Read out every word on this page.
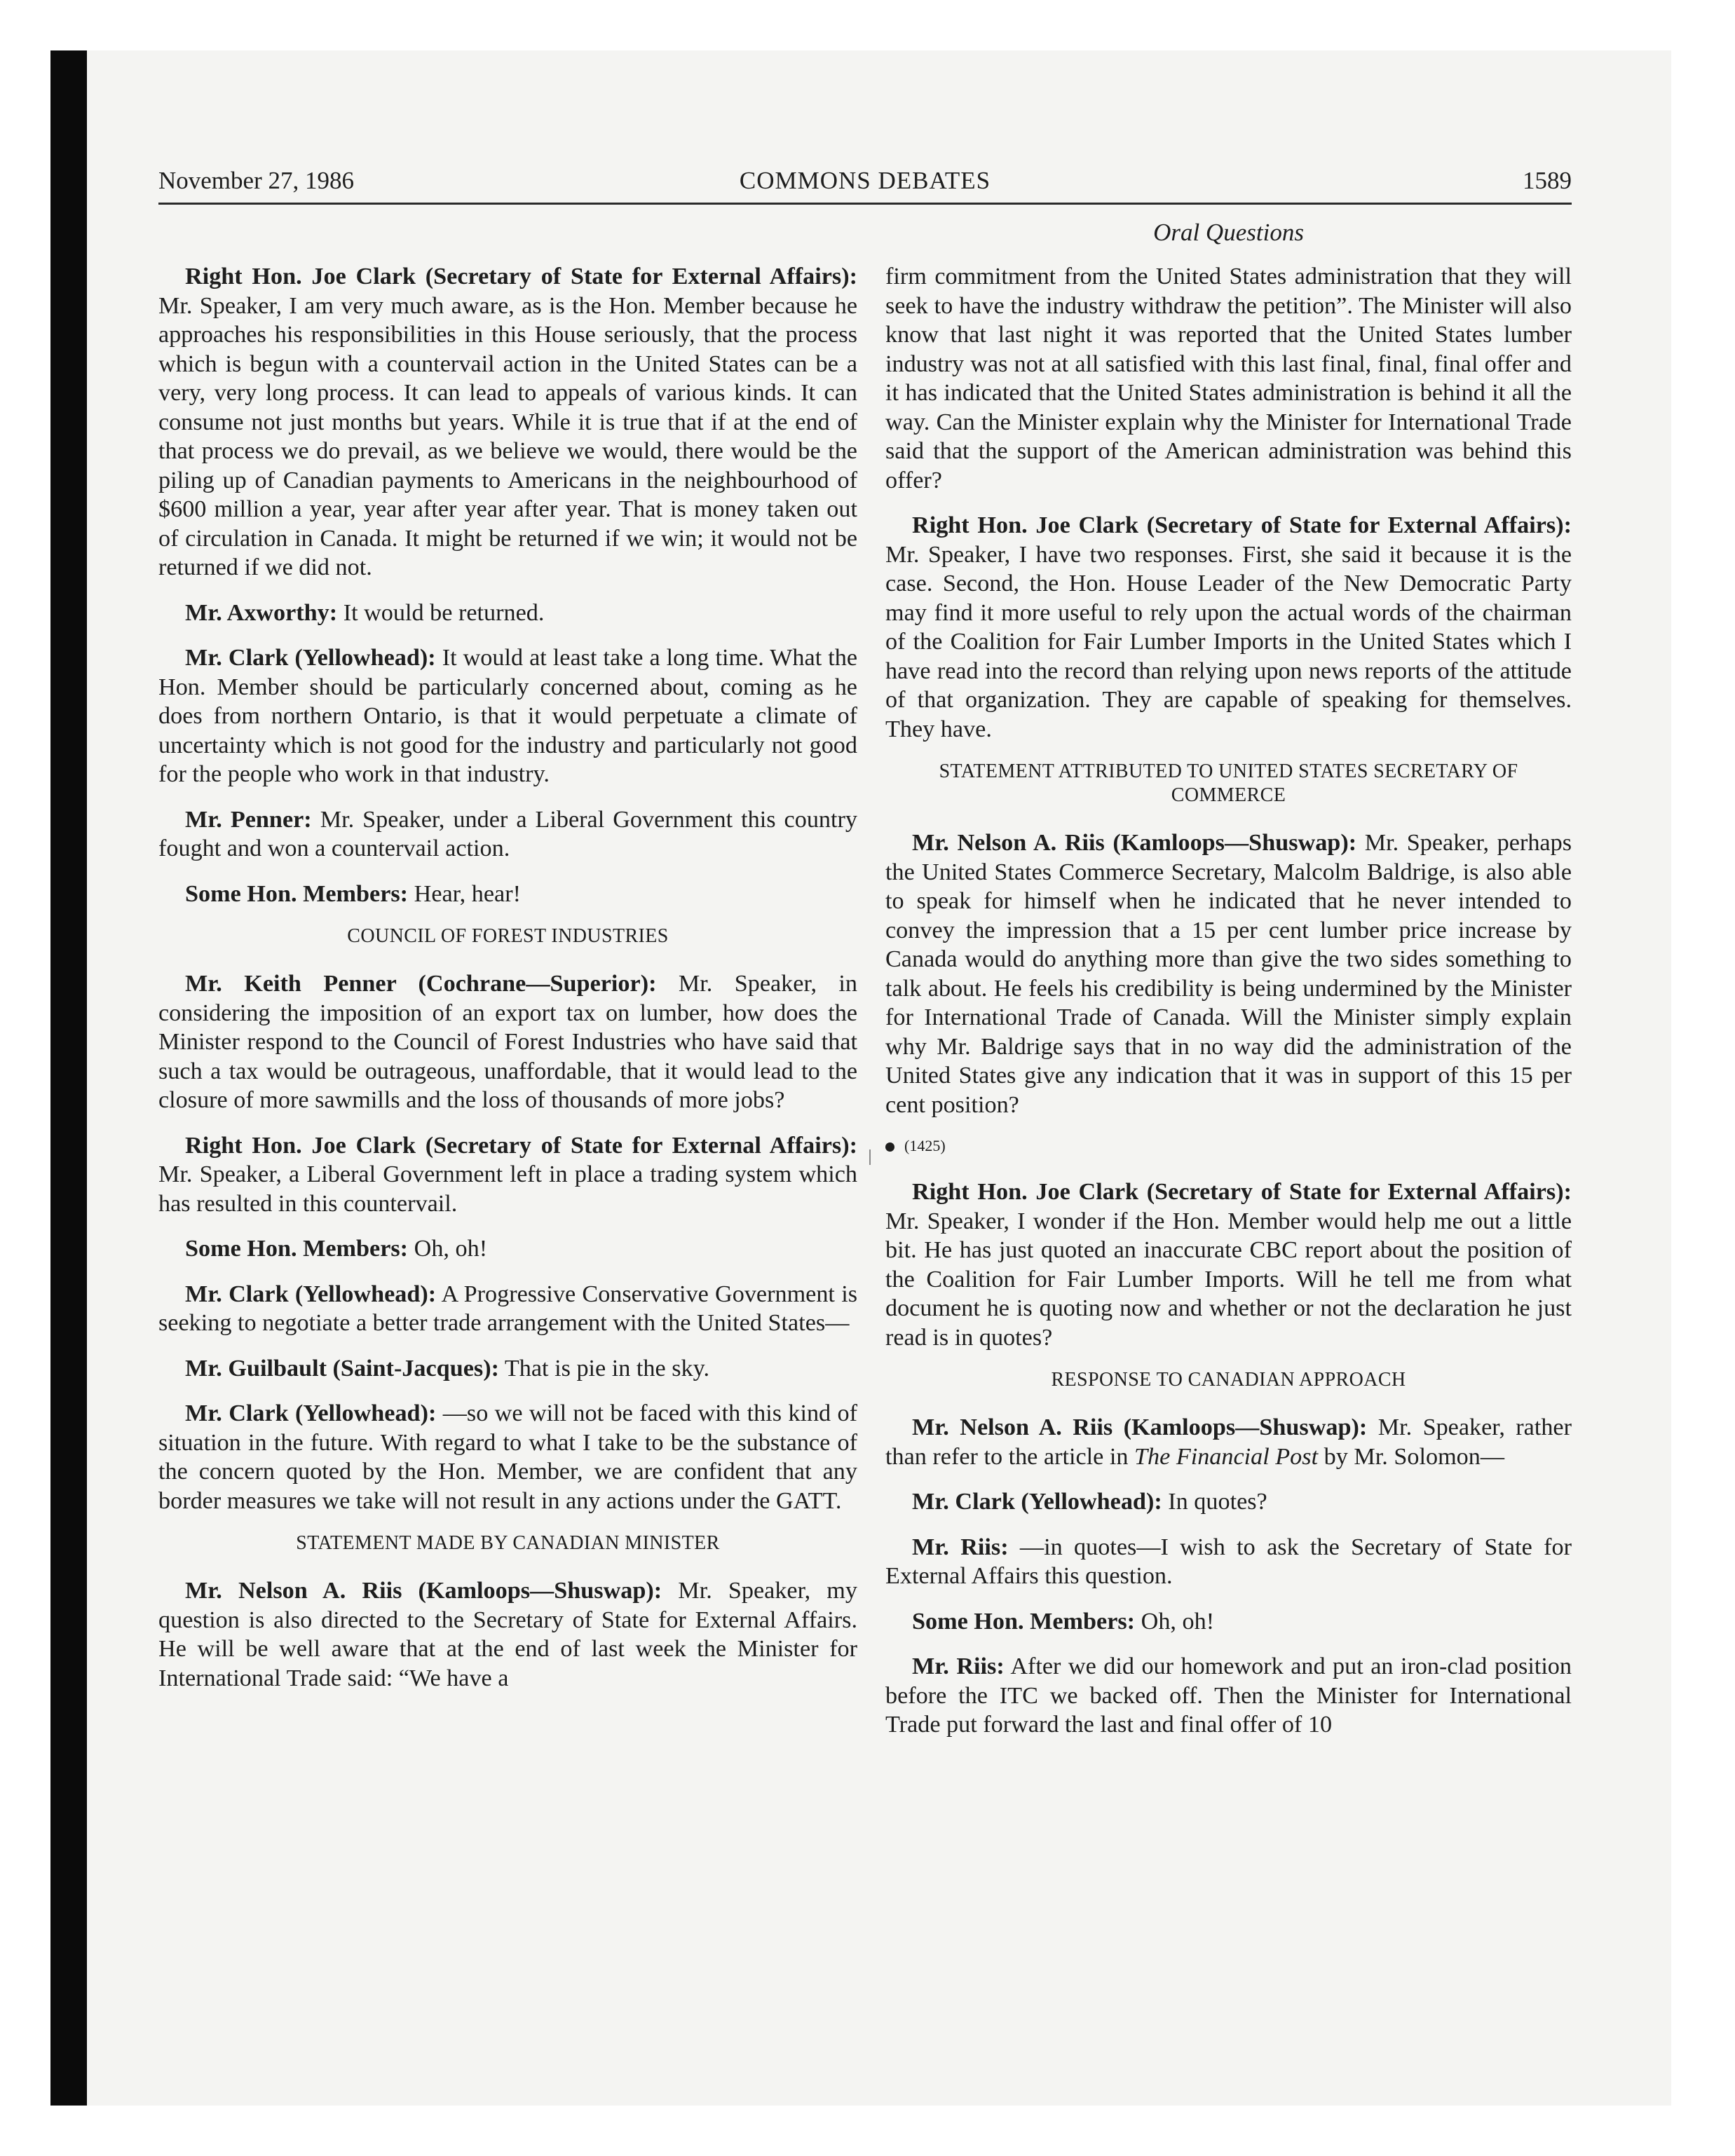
November 27, 1986	COMMONS DEBATES	1589
Oral Questions

Right Hon. Joe Clark (Secretary of State for External Affairs): Mr. Speaker, I am very much aware, as is the Hon. Member because he approaches his responsibilities in this House seriously, that the process which is begun with a countervail action in the United States can be a very, very long process. It can lead to appeals of various kinds. It can consume not just months but years. While it is true that if at the end of that process we do prevail, as we believe we would, there would be the piling up of Canadian payments to Americans in the neighbourhood of $600 million a year, year after year after year. That is money taken out of circulation in Canada. It might be returned if we win; it would not be returned if we did not.

Mr. Axworthy: It would be returned.

Mr. Clark (Yellowhead): It would at least take a long time. What the Hon. Member should be particularly concerned about, coming as he does from northern Ontario, is that it would perpetuate a climate of uncertainty which is not good for the industry and particularly not good for the people who work in that industry.

Mr. Penner: Mr. Speaker, under a Liberal Government this country fought and won a countervail action.

Some Hon. Members: Hear, hear!

COUNCIL OF FOREST INDUSTRIES

Mr. Keith Penner (Cochrane—Superior): Mr. Speaker, in considering the imposition of an export tax on lumber, how does the Minister respond to the Council of Forest Industries who have said that such a tax would be outrageous, unaffordable, that it would lead to the closure of more sawmills and the loss of thousands of more jobs?

Right Hon. Joe Clark (Secretary of State for External Affairs): Mr. Speaker, a Liberal Government left in place a trading system which has resulted in this countervail.

Some Hon. Members: Oh, oh!

Mr. Clark (Yellowhead): A Progressive Conservative Government is seeking to negotiate a better trade arrangement with the United States—

Mr. Guilbault (Saint-Jacques): That is pie in the sky.

Mr. Clark (Yellowhead): —so we will not be faced with this kind of situation in the future. With regard to what I take to be the substance of the concern quoted by the Hon. Member, we are confident that any border measures we take will not result in any actions under the GATT.

STATEMENT MADE BY CANADIAN MINISTER

Mr. Nelson A. Riis (Kamloops—Shuswap): Mr. Speaker, my question is also directed to the Secretary of State for External Affairs. He will be well aware that at the end of last week the Minister for International Trade said: “We have a

firm commitment from the United States administration that they will seek to have the industry withdraw the petition”. The Minister will also know that last night it was reported that the United States lumber industry was not at all satisfied with this last final, final, final offer and it has indicated that the United States administration is behind it all the way. Can the Minister explain why the Minister for International Trade said that the support of the American administration was behind this offer?

Right Hon. Joe Clark (Secretary of State for External Affairs): Mr. Speaker, I have two responses. First, she said it because it is the case. Second, the Hon. House Leader of the New Democratic Party may find it more useful to rely upon the actual words of the chairman of the Coalition for Fair Lumber Imports in the United States which I have read into the record than relying upon news reports of the attitude of that organization. They are capable of speaking for themselves. They have.

STATEMENT ATTRIBUTED TO UNITED STATES SECRETARY OF COMMERCE

Mr. Nelson A. Riis (Kamloops—Shuswap): Mr. Speaker, perhaps the United States Commerce Secretary, Malcolm Baldrige, is also able to speak for himself when he indicated that he never intended to convey the impression that a 15 per cent lumber price increase by Canada would do anything more than give the two sides something to talk about. He feels his credibility is being undermined by the Minister for International Trade of Canada. Will the Minister simply explain why Mr. Baldrige says that in no way did the administration of the United States give any indication that it was in support of this 15 per cent position?

(1425)

Right Hon. Joe Clark (Secretary of State for External Affairs): Mr. Speaker, I wonder if the Hon. Member would help me out a little bit. He has just quoted an inaccurate CBC report about the position of the Coalition for Fair Lumber Imports. Will he tell me from what document he is quoting now and whether or not the declaration he just read is in quotes?

RESPONSE TO CANADIAN APPROACH

Mr. Nelson A. Riis (Kamloops—Shuswap): Mr. Speaker, rather than refer to the article in The Financial Post by Mr. Solomon—

Mr. Clark (Yellowhead): In quotes?

Mr. Riis: —in quotes—I wish to ask the Secretary of State for External Affairs this question.

Some Hon. Members: Oh, oh!

Mr. Riis: After we did our homework and put an iron-clad position before the ITC we backed off. Then the Minister for International Trade put forward the last and final offer of 10
